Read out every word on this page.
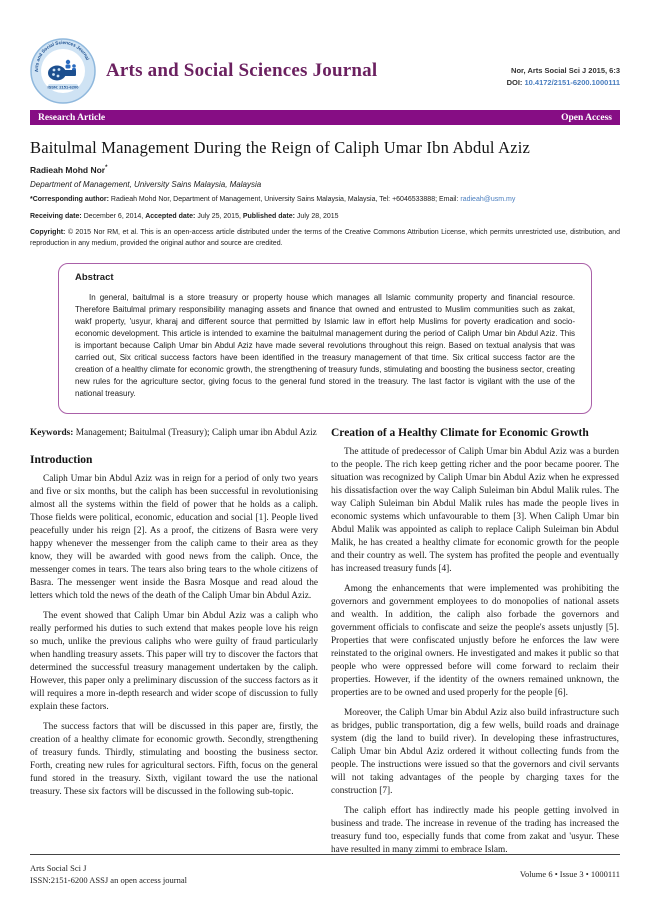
Arts and Social Sciences Journal
ISSN: 2151-6200
Arts and Social Sciences Journal	Nor, Arts Social Sci J 2015, 6:3
DOI: 10.4172/2151-6200.1000111
Research Article	Open Access
Baitulmal Management During the Reign of Caliph Umar Ibn Abdul Aziz
Radieah Mohd Nor*
Department of Management, University Sains Malaysia, Malaysia
*Corresponding author: Radieah Mohd Nor, Department of Management, University Sains Malaysia, Malaysia, Tel: +6046533888; Email: radieah@usm.my
Receiving date: December 6, 2014, Accepted date: July 25, 2015, Published date: July 28, 2015
Copyright: © 2015 Nor RM, et al. This is an open-access article distributed under the terms of the Creative Commons Attribution License, which permits unrestricted use, distribution, and reproduction in any medium, provided the original author and source are credited.
Abstract
In general, baitulmal is a store treasury or property house which manages all Islamic community property and financial resource. Therefore Baitulmal primary responsibility managing assets and finance that owned and entrusted to Muslim communities such as zakat, wakf property, 'usyur, kharaj and different source that permitted by Islamic law in effort help Muslims for poverty eradication and socio-economic development. This article is intended to examine the baitulmal management during the period of Caliph Umar bin Abdul Aziz. This is important because Caliph Umar bin Abdul Aziz have made several revolutions throughout this reign. Based on textual analysis that was carried out, Six critical success factors have been identified in the treasury management of that time. Six critical success factor are the creation of a healthy climate for economic growth, the strengthening of treasury funds, stimulating and boosting the business sector, creating new rules for the agriculture sector, giving focus to the general fund stored in the treasury. The last factor is vigilant with the use of the national treasury.
Keywords: Management; Baitulmal (Treasury); Caliph umar ibn Abdul Aziz
Introduction

Caliph Umar bin Abdul Aziz was in reign for a period of only two years and five or six months, but the caliph has been successful in revolutionising almost all the systems within the field of power that he holds as a caliph. Those fields were political, economic, education and social [1]. People lived peacefully under his reign [2]. As a proof, the citizens of Basra were very happy whenever the messenger from the caliph came to their area as they know, they will be awarded with good news from the caliph. Once, the messenger comes in tears. The tears also bring tears to the whole citizens of Basra. The messenger went inside the Basra Mosque and read aloud the letters which told the news of the death of the Caliph Umar bin Abdul Aziz.

The event showed that Caliph Umar bin Abdul Aziz was a caliph who really performed his duties to such extend that makes people love his reign so much, unlike the previous caliphs who were guilty of fraud particularly when handling treasury assets. This paper will try to discover the factors that determined the successful treasury management undertaken by the caliph. However, this paper only a preliminary discussion of the success factors as it will requires a more in-depth research and wider scope of discussion to fully explain these factors.

The success factors that will be discussed in this paper are, firstly, the creation of a healthy climate for economic growth. Secondly, strengthening of treasury funds. Thirdly, stimulating and boosting the business sector. Forth, creating new rules for agricultural sectors. Fifth, focus on the general fund stored in the treasury. Sixth, vigilant toward the use the national treasury. These six factors will be discussed in the following sub-topic.

Creation of a Healthy Climate for Economic Growth

The attitude of predecessor of Caliph Umar bin Abdul Aziz was a burden to the people. The rich keep getting richer and the poor became poorer. The situation was recognized by Caliph Umar bin Abdul Aziz when he expressed his dissatisfaction over the way Caliph Suleiman bin Abdul Malik rules. The way Caliph Suleiman bin Abdul Malik rules has made the people lives in economic systems which unfavourable to them [3]. When Caliph Umar bin Abdul Malik was appointed as caliph to replace Caliph Suleiman bin Abdul Malik, he has created a healthy climate for economic growth for the people and their country as well. The system has profited the people and eventually has increased treasury funds [4].

Among the enhancements that were implemented was prohibiting the governors and government employees to do monopolies of national assets and wealth. In addition, the caliph also forbade the governors and government officials to confiscate and seize the people's assets unjustly [5]. Properties that were confiscated unjustly before he enforces the law were reinstated to the original owners. He investigated and makes it public so that people who were oppressed before will come forward to reclaim their properties. However, if the identity of the owners remained unknown, the properties are to be owned and used properly for the people [6].

Moreover, the Caliph Umar bin Abdul Aziz also build infrastructure such as bridges, public transportation, dig a few wells, build roads and drainage system (dig the land to build river). In developing these infrastructures, Caliph Umar bin Abdul Aziz ordered it without collecting funds from the people. The instructions were issued so that the governors and civil servants will not taking advantages of the people by charging taxes for the construction [7].

The caliph effort has indirectly made his people getting involved in business and trade. The increase in revenue of the trading has increased the treasury fund too, especially funds that come from zakat and 'usyur. These have resulted in many zimmi to embrace Islam.

Arts Social Sci J
ISSN:2151-6200 ASSJ an open access journal
Volume 6 • Issue 3 • 1000111
